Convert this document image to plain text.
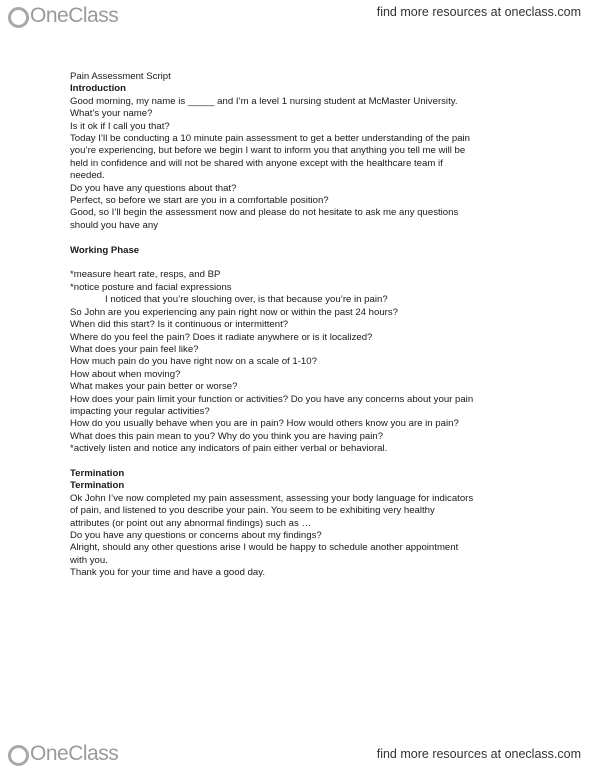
OneClass	find more resources at oneclass.com
Pain Assessment Script
Introduction
Good morning, my name is _____ and I’m a level 1 nursing student at McMaster University.
What’s your name?
Is it ok if I call you that?
Today I’ll be conducting a 10 minute pain assessment to get a better understanding of the pain
you’re experiencing, but before we begin I want to inform you that anything you tell me will be
held in confidence and will not be shared with anyone except with the healthcare team if
needed.
Do you have any questions about that?
Perfect, so before we start are you in a comfortable position?
Good, so I’ll begin the assessment now and please do not hesitate to ask me any questions
should you have any
Working Phase
*measure heart rate, resps, and BP
*notice posture and facial expressions
I noticed that you’re slouching over, is that because you’re in pain?
So John are you experiencing any pain right now or within the past 24 hours?
When did this start? Is it continuous or intermittent?
Where do you feel the pain? Does it radiate anywhere or is it localized?
What does your pain feel like?
How much pain do you have right now on a scale of 1-10?
How about when moving?
What makes your pain better or worse?
How does your pain limit your function or activities? Do you have any concerns about your pain
impacting your regular activities?
How do you usually behave when you are in pain? How would others know you are in pain?
What does this pain mean to you? Why do you think you are having pain?
*actively listen and notice any indicators of pain either verbal or behavioral.
Termination
Termination
Ok John I’ve now completed my pain assessment, assessing your body language for indicators
of pain, and listened to you describe your pain. You seem to be exhibiting very healthy
attributes (or point out any abnormal findings) such as …
Do you have any questions or concerns about my findings?
Alright, should any other questions arise I would be happy to schedule another appointment
with you.
Thank you for your time and have a good day.
OneClass	find more resources at oneclass.com
